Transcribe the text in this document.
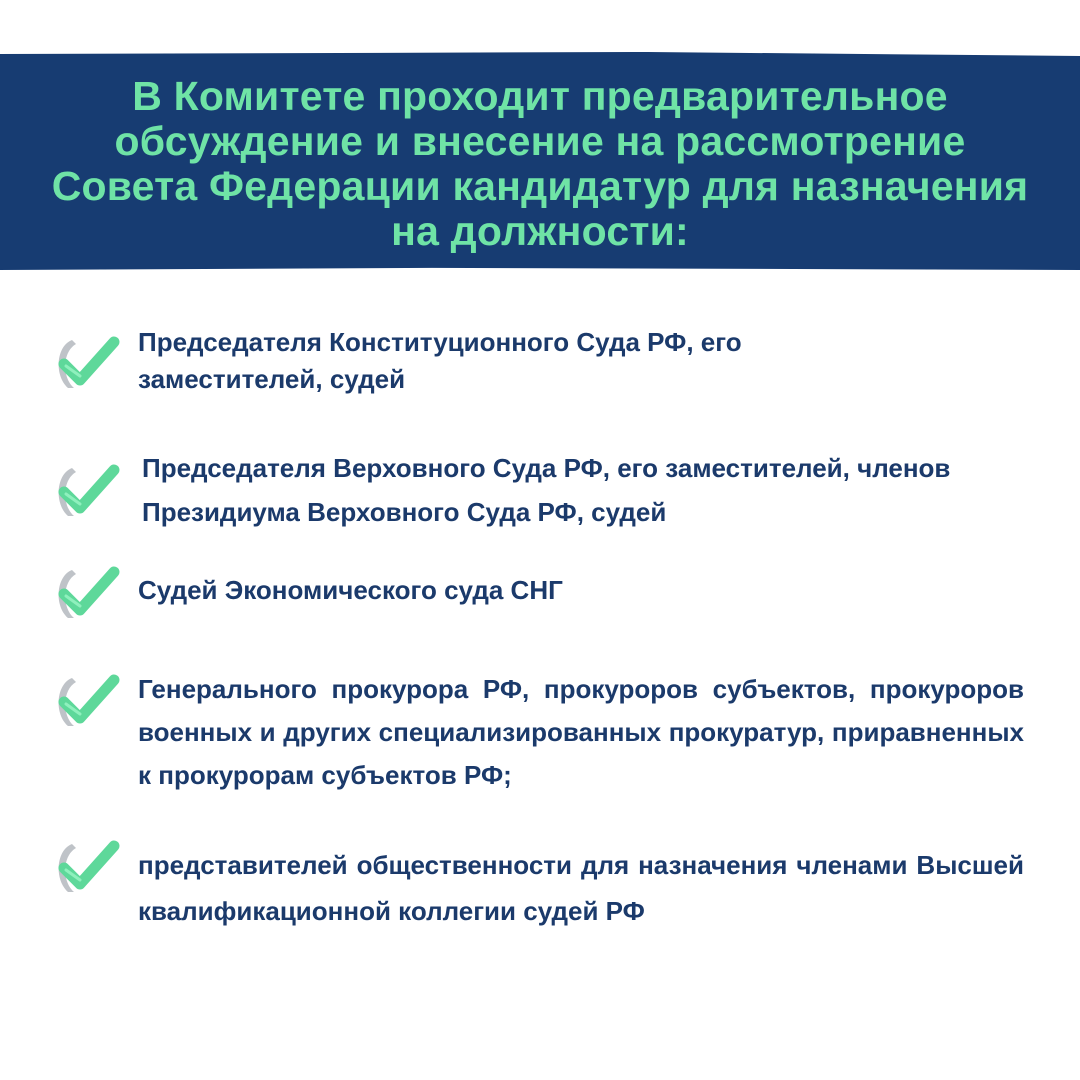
В Комитете проходит предварительное обсуждение и внесение на рассмотрение Совета Федерации кандидатур для назначения на должности:

Председателя Конституционного Суда РФ, его заместителей, судей

Председателя Верховного Суда РФ, его заместителей, членов Президиума Верховного Суда РФ, судей

Судей Экономического суда СНГ

Генерального прокурора РФ, прокуроров субъектов, прокуроров военных и других специализированных прокуратур, приравненных к прокурорам субъектов РФ;

представителей общественности для назначения членами Высшей квалификационной коллегии судей РФ
